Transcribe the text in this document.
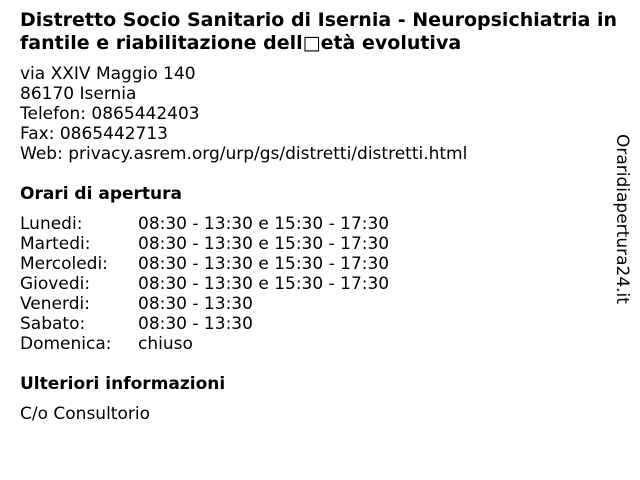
Distretto Socio Sanitario di Isernia - Neuropsichiatria infantile e riabilitazione dell□età evolutiva
via XXIV Maggio 140
86170 Isernia
Telefon: 0865442403
Fax: 0865442713
Web: privacy.asrem.org/urp/gs/distretti/distretti.html
Orari di apertura
Lunedi:	08:30 - 13:30 e 15:30 - 17:30
Martedi:	08:30 - 13:30 e 15:30 - 17:30
Mercoledi:	08:30 - 13:30 e 15:30 - 17:30
Giovedi:	08:30 - 13:30 e 15:30 - 17:30
Venerdi:	08:30 - 13:30
Sabato:	08:30 - 13:30
Domenica:	chiuso
Ulteriori informazioni
C/o Consultorio
Oraridiapertura24.it
